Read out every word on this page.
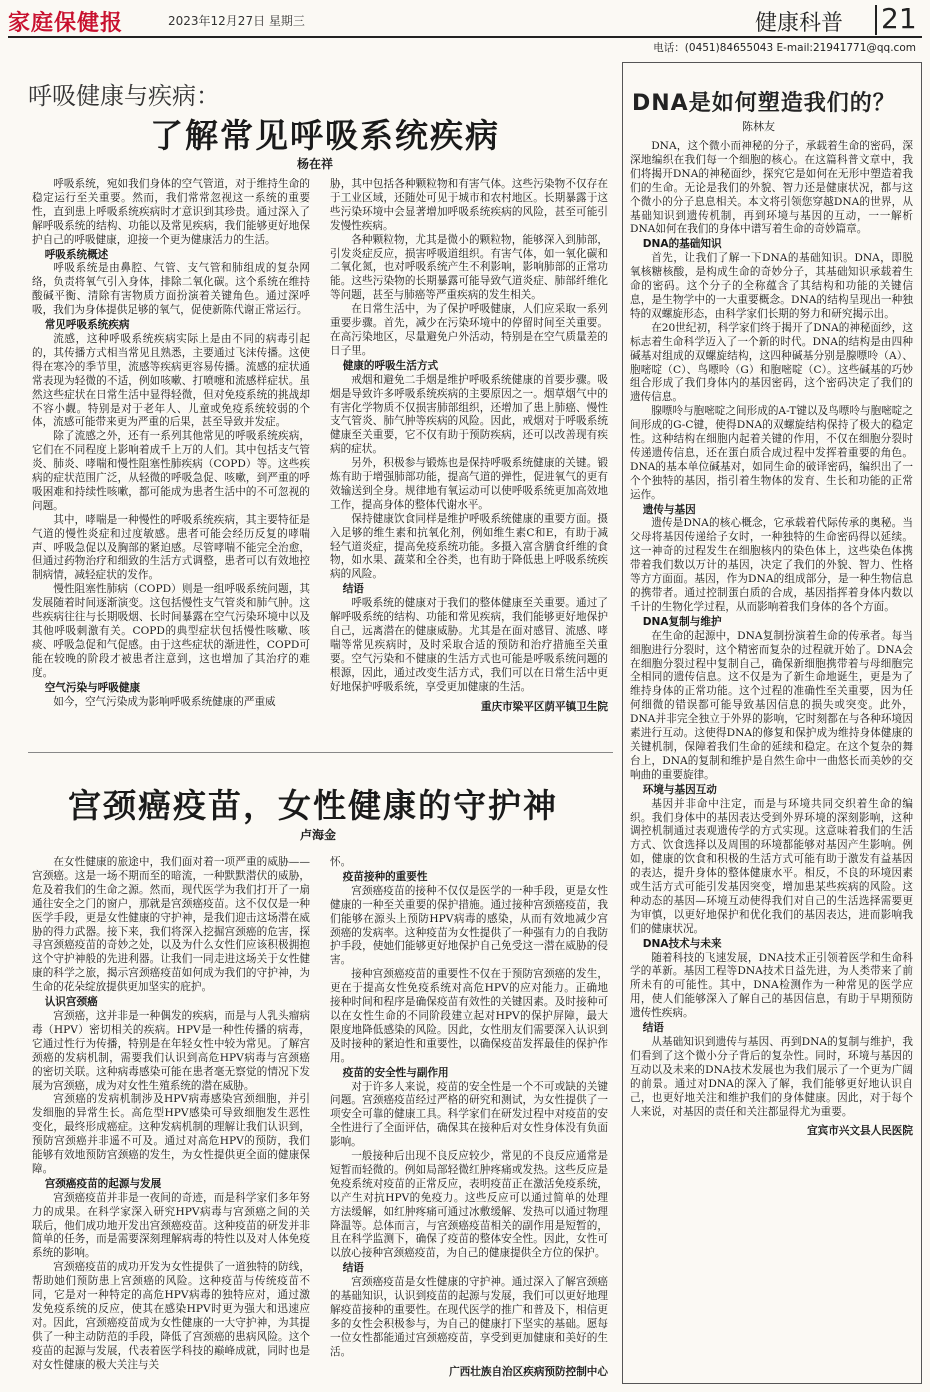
家庭保健报	2023年12月27日 星期三	健康科普 21
电话：(0451)84655043 E-mail:21941771@qq.com
呼吸健康与疾病：
了解常见呼吸系统疾病
杨在祥

呼吸系统，宛如我们身体的空气管道，对于维持生命的稳定运行至关重要。然而，我们常常忽视这一系统的重要性，直到患上呼吸系统疾病时才意识到其珍贵。通过深入了解呼吸系统的结构、功能以及常见疾病，我们能够更好地保护自己的呼吸健康，迎接一个更为健康活力的生活。

呼吸系统概述

呼吸系统是由鼻腔、气管、支气管和肺组成的复杂网络，负责将氧气引入身体，排除二氧化碳。这个系统在维持酸碱平衡、清除有害物质方面扮演着关键角色。通过深呼吸，我们为身体提供足够的氧气，促使新陈代谢正常运行。

常见呼吸系统疾病

流感，这种呼吸系统疾病实际上是由不同的病毒引起的，其传播方式相当常见且熟悉，主要通过飞沫传播。这使得在寒冷的季节里，流感等疾病更容易传播。流感的症状通常表现为轻微的不适，例如咳嗽、打喷嚏和流感样症状。虽然这些症状在日常生活中显得轻微，但对免疫系统的挑战却不容小觑。特别是对于老年人、儿童或免疫系统较弱的个体，流感可能带来更为严重的后果，甚至导致并发症。

除了流感之外，还有一系列其他常见的呼吸系统疾病，它们在不同程度上影响着成千上万的人们。其中包括支气管炎、肺炎、哮喘和慢性阻塞性肺疾病（COPD）等。这些疾病的症状范围广泛，从轻微的呼吸急促、咳嗽，到严重的呼吸困难和持续性咳嗽，都可能成为患者生活中的不可忽视的问题。

其中，哮喘是一种慢性的呼吸系统疾病，其主要特征是气道的慢性炎症和过度敏感。患者可能会经历反复的哮喘声、呼吸急促以及胸部的紧迫感。尽管哮喘不能完全治愈，但通过药物治疗和细致的生活方式调整，患者可以有效地控制病情，减轻症状的发作。

慢性阻塞性肺病（COPD）则是一组呼吸系统问题，其发展随着时间逐渐演变。这包括慢性支气管炎和肺气肿。这些疾病往往与长期吸烟、长时间暴露在空气污染环境中以及其他呼吸刺激有关。COPD的典型症状包括慢性咳嗽、咳痰、呼吸急促和气促感。由于这些症状的渐进性，COPD可能在较晚的阶段才被患者注意到，这也增加了其治疗的难度。

空气污染与呼吸健康

如今，空气污染成为影响呼吸系统健康的严重威

胁，其中包括各种颗粒物和有害气体。这些污染物不仅存在于工业区域，还随处可见于城市和农村地区。长期暴露于这些污染环境中会显著增加呼吸系统疾病的风险，甚至可能引发慢性疾病。

各种颗粒物，尤其是微小的颗粒物，能够深入到肺部，引发炎症反应，损害呼吸道组织。有害气体，如一氧化碳和二氧化氮，也对呼吸系统产生不利影响，影响肺部的正常功能。这些污染物的长期暴露可能导致气道炎症、肺部纤维化等问题，甚至与肺癌等严重疾病的发生相关。

在日常生活中，为了保护呼吸健康，人们应采取一系列重要步骤。首先，减少在污染环境中的停留时间至关重要。在高污染地区，尽量避免户外活动，特别是在空气质量差的日子里。

健康的呼吸生活方式

戒烟和避免二手烟是维护呼吸系统健康的首要步骤。吸烟是导致许多呼吸系统疾病的主要原因之一。烟草烟气中的有害化学物质不仅损害肺部组织，还增加了患上肺癌、慢性支气管炎、肺气肿等疾病的风险。因此，戒烟对于呼吸系统健康至关重要，它不仅有助于预防疾病，还可以改善现有疾病的症状。

另外，积极参与锻炼也是保持呼吸系统健康的关键。锻炼有助于增强肺部功能，提高气道的弹性，促进氧气的更有效输送到全身。规律地有氧运动可以使呼吸系统更加高效地工作，提高身体的整体代谢水平。

保持健康饮食同样是维护呼吸系统健康的重要方面。摄入足够的维生素和抗氧化剂，例如维生素C和E，有助于减轻气道炎症，提高免疫系统功能。多摄入富含膳食纤维的食物，如水果、蔬菜和全谷类，也有助于降低患上呼吸系统疾病的风险。

结语

呼吸系统的健康对于我们的整体健康至关重要。通过了解呼吸系统的结构、功能和常见疾病，我们能够更好地保护自己，远离潜在的健康威胁。尤其是在面对感冒、流感、哮喘等常见疾病时，及时采取合适的预防和治疗措施至关重要。空气污染和不健康的生活方式也可能是呼吸系统问题的根源，因此，通过改变生活方式，我们可以在日常生活中更好地保护呼吸系统，享受更加健康的生活。

重庆市梁平区荫平镇卫生院

宫颈癌疫苗，女性健康的守护神
卢海金

在女性健康的旅途中，我们面对着一项严重的威胁——宫颈癌。这是一场不期而至的暗流，一种默默潜伏的威胁，危及着我们的生命之源。然而，现代医学为我们打开了一扇通往安全之门的窗户，那就是宫颈癌疫苗。这不仅仅是一种医学手段，更是女性健康的守护神，是我们迎击这场潜在威胁的得力武器。接下来，我们将深入挖掘宫颈癌的危害，探寻宫颈癌疫苗的奇妙之处，以及为什么女性们应该积极拥抱这个守护神般的先进利器。让我们一同走进这场关于女性健康的科学之旅，揭示宫颈癌疫苗如何成为我们的守护神，为生命的花朵绽放提供更加坚实的庇护。

认识宫颈癌

宫颈癌，这并非是一种偶发的疾病，而是与人乳头瘤病毒（HPV）密切相关的疾病。HPV是一种性传播的病毒，它通过性行为传播，特别是在年轻女性中较为常见。了解宫颈癌的发病机制，需要我们认识到高危HPV病毒与宫颈癌的密切关联。这种病毒感染可能在患者毫无察觉的情况下发展为宫颈癌，成为对女性生殖系统的潜在威胁。

宫颈癌的发病机制涉及HPV病毒感染宫颈细胞，并引发细胞的异常生长。高危型HPV感染可导致细胞发生恶性变化，最终形成癌症。这种发病机制的理解让我们认识到，预防宫颈癌并非遥不可及。通过对高危HPV的预防，我们能够有效地预防宫颈癌的发生，为女性提供更全面的健康保障。

宫颈癌疫苗的起源与发展

宫颈癌疫苗并非是一夜间的奇迹，而是科学家们多年努力的成果。在科学家深入研究HPV病毒与宫颈癌之间的关联后，他们成功地开发出宫颈癌疫苗。这种疫苗的研发并非简单的任务，而是需要深刻理解病毒的特性以及对人体免疫系统的影响。

宫颈癌疫苗的成功开发为女性提供了一道独特的防线，帮助她们预防患上宫颈癌的风险。这种疫苗与传统疫苗不同，它是对一种特定的高危HPV病毒的独特应对，通过激发免疫系统的反应，使其在感染HPV时更为强大和迅速应对。因此，宫颈癌疫苗成为女性健康的一大守护神，为其提供了一种主动防范的手段，降低了宫颈癌的患病风险。这个疫苗的起源与发展，代表着医学科技的巅峰成就，同时也是对女性健康的极大关注与关

怀。

疫苗接种的重要性

宫颈癌疫苗的接种不仅仅是医学的一种手段，更是女性健康的一种至关重要的保护措施。通过接种宫颈癌疫苗，我们能够在源头上预防HPV病毒的感染，从而有效地减少宫颈癌的发病率。这种疫苗为女性提供了一种强有力的自我防护手段，使她们能够更好地保护自己免受这一潜在威胁的侵害。

接种宫颈癌疫苗的重要性不仅在于预防宫颈癌的发生，更在于提高女性免疫系统对高危HPV的应对能力。正确地接种时间和程序是确保疫苗有效性的关键因素。及时接种可以在女性生命的不同阶段建立起对HPV的保护屏障，最大限度地降低感染的风险。因此，女性朋友们需要深入认识到及时接种的紧迫性和重要性，以确保疫苗发挥最佳的保护作用。

疫苗的安全性与副作用

对于许多人来说，疫苗的安全性是一个不可或缺的关键问题。宫颈癌疫苗经过严格的研究和测试，为女性提供了一项安全可靠的健康工具。科学家们在研发过程中对疫苗的安全性进行了全面评估，确保其在接种后对女性身体没有负面影响。

一般接种后出现不良反应较少，常见的不良反应通常是短暂而轻微的。例如局部轻微红肿疼痛或发热。这些反应是免疫系统对疫苗的正常反应，表明疫苗正在激活免疫系统，以产生对抗HPV的免疫力。这些反应可以通过简单的处理方法缓解，如红肿疼痛可通过冰敷缓解、发热可以通过物理降温等。总体而言，与宫颈癌疫苗相关的副作用是短暂的，且在科学监测下，确保了疫苗的整体安全性。因此，女性可以放心接种宫颈癌疫苗，为自己的健康提供全方位的保护。

结语

宫颈癌疫苗是女性健康的守护神。通过深入了解宫颈癌的基础知识，认识到疫苗的起源与发展，我们可以更好地理解疫苗接种的重要性。在现代医学的推广和普及下，相信更多的女性会积极参与，为自己的健康打下坚实的基础。愿每一位女性都能通过宫颈癌疫苗，享受到更加健康和美好的生活。

广西壮族自治区疾病预防控制中心

DNA是如何塑造我们的？
陈林友

DNA，这个微小而神秘的分子，承载着生命的密码，深深地编织在我们每一个细胞的核心。在这篇科普文章中，我们将揭开DNA的神秘面纱，探究它是如何在无形中塑造着我们的生命。无论是我们的外貌、智力还是健康状况，都与这个微小的分子息息相关。本文将引领您穿越DNA的世界，从基础知识到遗传机制，再到环境与基因的互动，一一解析DNA如何在我们的身体中谱写着生命的奇妙篇章。

DNA的基础知识

首先，让我们了解一下DNA的基础知识。DNA，即脱氧核糖核酸，是构成生命的奇妙分子，其基础知识承载着生命的密码。这个分子的全称蕴含了其结构和功能的关键信息，是生物学中的一大重要概念。DNA的结构呈现出一种独特的双螺旋形态，由科学家们长期的努力和研究揭示出。

在20世纪初，科学家们终于揭开了DNA的神秘面纱，这标志着生命科学迈入了一个新的时代。DNA的结构是由四种碱基对组成的双螺旋结构，这四种碱基分别是腺嘌呤（A）、胞嘧啶（C）、鸟嘌呤（G）和胞嘧啶（C）。这些碱基的巧妙组合形成了我们身体内的基因密码，这个密码决定了我们的遗传信息。

腺嘌呤与胞嘧啶之间形成的A-T键以及鸟嘌呤与胞嘧啶之间形成的G-C键，使得DNA的双螺旋结构保持了极大的稳定性。这种结构在细胞内起着关键的作用，不仅在细胞分裂时传递遗传信息，还在蛋白质合成过程中发挥着重要的角色。DNA的基本单位碱基对，如同生命的破译密码，编织出了一个个独特的基因，指引着生物体的发育、生长和功能的正常运作。

遗传与基因

遗传是DNA的核心概念，它承载着代际传承的奥秘。当父母将基因传递给子女时，一种独特的生命密码得以延续。这一神奇的过程发生在细胞核内的染色体上，这些染色体携带着我们数以万计的基因，决定了我们的外貌、智力、性格等方方面面。基因，作为DNA的组成部分，是一种生物信息的携带者。通过控制蛋白质的合成，基因指挥着身体内数以千计的生物化学过程，从而影响着我们身体的各个方面。

DNA复制与维护

在生命的起源中，DNA复制扮演着生命的传承者。每当细胞进行分裂时，这个精密而复杂的过程就开始了。DNA会在细胞分裂过程中复制自己，确保新细胞携带着与母细胞完全相同的遗传信息。这不仅是为了新生命地诞生，更是为了维持身体的正常功能。这个过程的准确性至关重要，因为任何细微的错误都可能导致基因信息的损失或突变。此外，DNA并非完全独立于外界的影响，它时刻都在与各种环境因素进行互动。这使得DNA的修复和保护成为维持身体健康的关键机制，保障着我们生命的延续和稳定。在这个复杂的舞台上，DNA的复制和维护是自然生命中一曲悠长而美妙的交响曲的重要旋律。

环境与基因互动

基因并非命中注定，而是与环境共同交织着生命的编织。我们身体中的基因表达受到外界环境的深刻影响，这种调控机制通过表观遗传学的方式实现。这意味着我们的生活方式、饮食选择以及周围的环境都能够对基因产生影响。例如，健康的饮食和积极的生活方式可能有助于激发有益基因的表达，提升身体的整体健康水平。相反，不良的环境因素或生活方式可能引发基因突变，增加患某些疾病的风险。这种动态的基因—环境互动使得我们对自己的生活选择需要更为审慎，以更好地保护和优化我们的基因表达，进而影响我们的健康状况。

DNA技术与未来

随着科技的飞速发展，DNA技术正引领着医学和生命科学的革新。基因工程等DNA技术日益先进，为人类带来了前所未有的可能性。其中，DNA检测作为一种常见的医学应用，使人们能够深入了解自己的基因信息，有助于早期预防遗传性疾病。

结语

从基础知识到遗传与基因、再到DNA的复制与维护，我们看到了这个微小分子背后的复杂性。同时，环境与基因的互动以及未来的DNA技术发展也为我们展示了一个更为广阔的前景。通过对DNA的深入了解，我们能够更好地认识自己，也更好地关注和维护我们的身体健康。因此，对于每个人来说，对基因的责任和关注都显得尤为重要。

宜宾市兴文县人民医院
